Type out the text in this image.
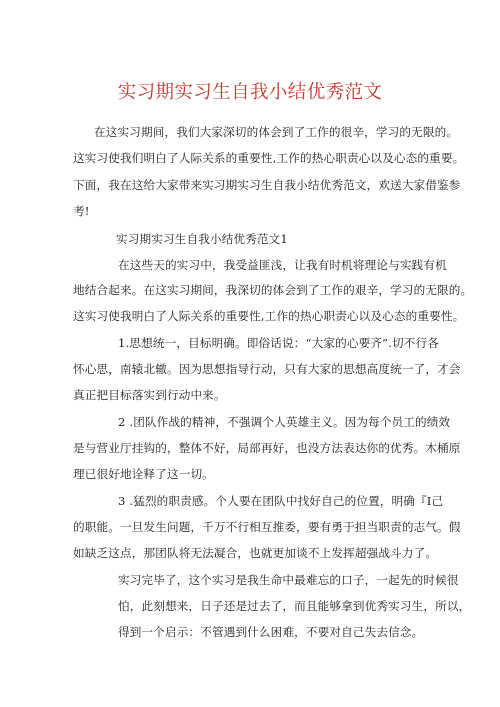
实习期实习生自我小结优秀范文

在这实习期间，我们大家深切的体会到了工作的很辛，学习的无限的。

这实习使我们明白了人际关系的重要性,工作的热心职责心以及心态的重要。

下面，我在这给大家带来实习期实习生自我小结优秀范文，欢送大家借鉴参

考!

实习期实习生自我小结优秀范文1

在这些天的实习中，我受益匪浅，让我有时机将理论与实践有机

地结合起来。在这实习期间，我深切的体会到了工作的艰辛，学习的无限的。

这实习使我明白了人际关系的重要性,工作的热心职责心以及心态的重要性。

1.思想统一，目标明确。即俗话说：“大家的心要齐”.切不行各

怀心思，南辕北辙。因为思想指导行动，只有大家的思想高度统一了，才会

真正把目标落实到行动中来。

2 .团队作战的精神，不强调个人英雄主义。因为每个员工的绩效

是与营业厅挂钩的，整体不好，局部再好，也没方法表达你的优秀。木桶原

理已很好地诠释了这一切。

3 .猛烈的职责感。个人要在团队中找好自己的位置，明确『I己

的职能。一旦发生问题，千万不行相互推委，要有勇于担当职责的志气。假

如缺乏这点，那团队将无法凝合，也就更加谈不上发挥超强战斗力了。

实习完毕了，这个实习是我生命中最难忘的口子，一起先的时候很

怕，此刻想来，日子还是过去了，而且能够拿到优秀实习生，所以，

得到一个启示：不管遇到什么困难，不要对自己失去信念。
